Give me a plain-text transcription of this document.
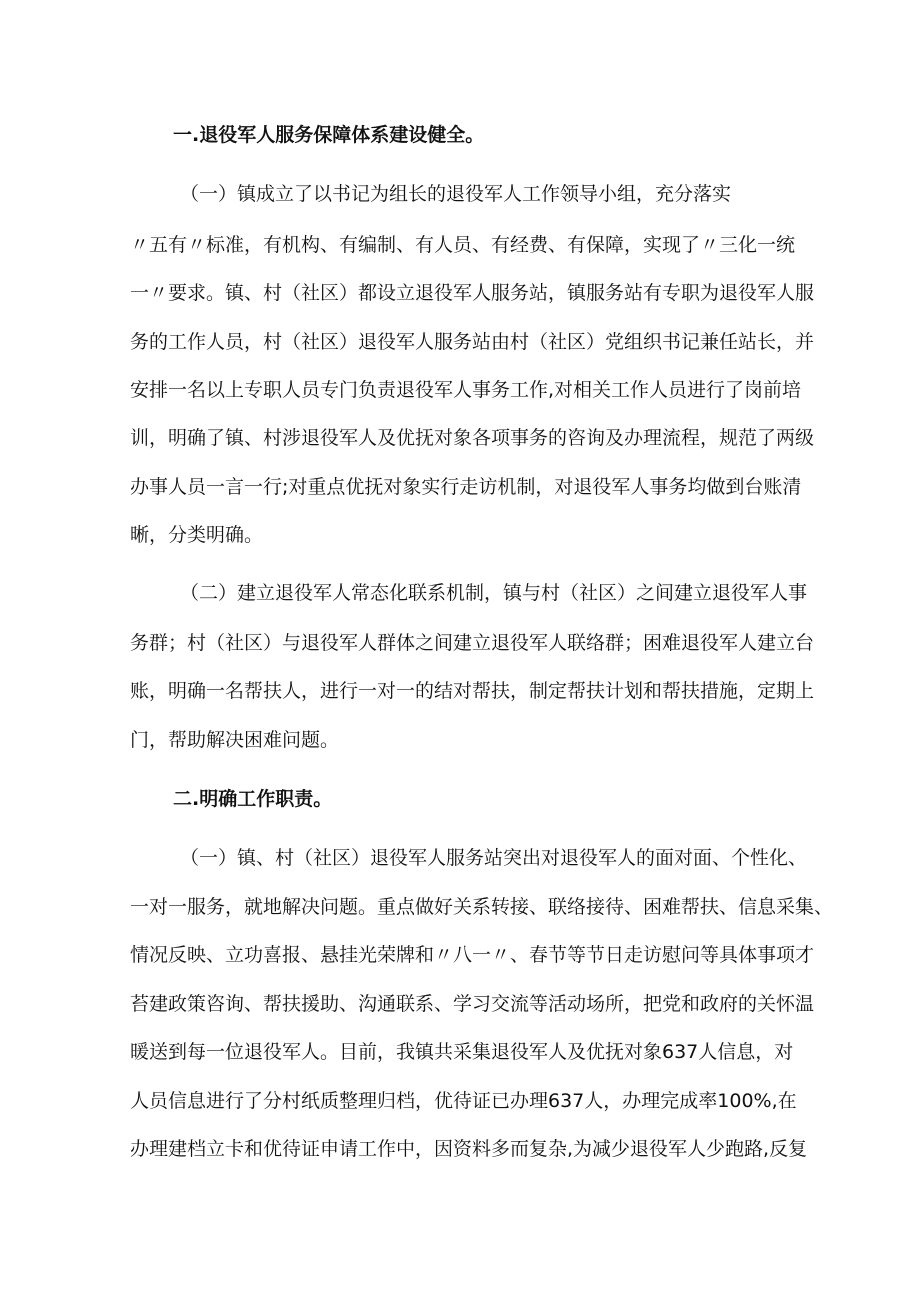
一.退役军人服务保障体系建设健全。
（一）镇成立了以书记为组长的退役军人工作领导小组，充分落实
〃五有〃标准，有机构、有编制、有人员、有经费、有保障，实现了〃三化一统
一〃要求。镇、村（社区）都设立退役军人服务站，镇服务站有专职为退役军人服
务的工作人员，村（社区）退役军人服务站由村（社区）党组织书记兼任站长，并
安排一名以上专职人员专门负责退役军人事务工作,对相关工作人员进行了岗前培
训，明确了镇、村涉退役军人及优抚对象各项事务的咨询及办理流程，规范了两级
办事人员一言一行;对重点优抚对象实行走访机制，对退役军人事务均做到台账清
晰，分类明确。
（二）建立退役军人常态化联系机制，镇与村（社区）之间建立退役军人事
务群；村（社区）与退役军人群体之间建立退役军人联络群；困难退役军人建立台
账，明确一名帮扶人，进行一对一的结对帮扶，制定帮扶计划和帮扶措施，定期上
门，帮助解决困难问题。
二.明确工作职责。
（一）镇、村（社区）退役军人服务站突出对退役军人的面对面、个性化、
一对一服务，就地解决问题。重点做好关系转接、联络接待、困难帮扶、信息采集、
情况反映、立功喜报、悬挂光荣牌和〃八一〃、春节等节日走访慰问等具体事项才
苔建政策咨询、帮扶援助、沟通联系、学习交流等活动场所，把党和政府的关怀温
暖送到每一位退役军人。目前，我镇共采集退役军人及优抚对象637人信息，对
人员信息进行了分村纸质整理归档，优待证已办理637人，办理完成率100%,在
办理建档立卡和优待证申请工作中，因资料多而复杂,为减少退役军人少跑路,反复
